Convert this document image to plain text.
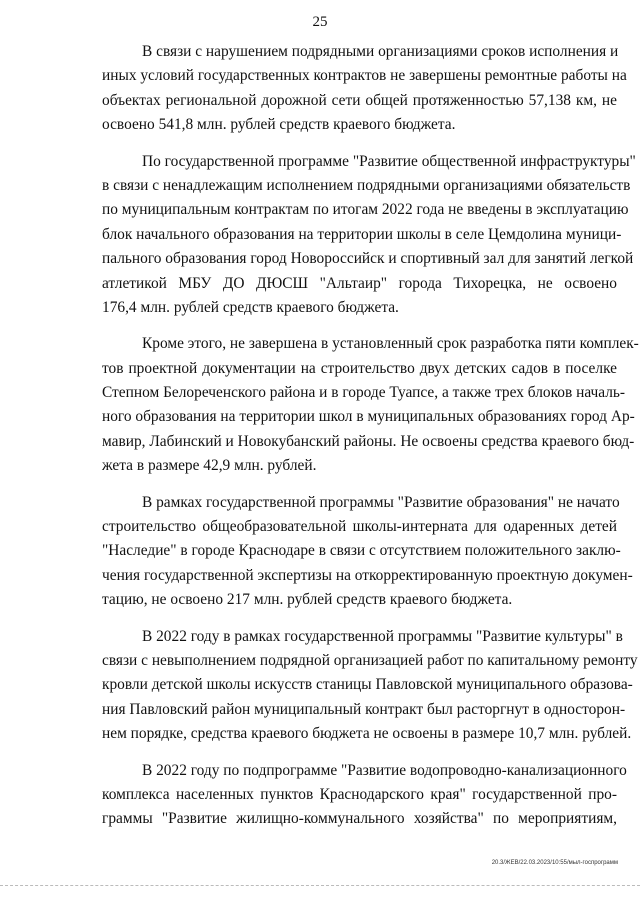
25
В связи с нарушением подрядными организациями сроков исполнения и
иных условий государственных контрактов не завершены ремонтные работы на
объектах региональной дорожной сети общей протяженностью 57,138 км, не
освоено 541,8 млн. рублей средств краевого бюджета.
По государственной программе "Развитие общественной инфраструктуры"
в связи с ненадлежащим исполнением подрядными организациями обязательств
по муниципальным контрактам по итогам 2022 года не введены в эксплуатацию
блок начального образования на территории школы в селе Цемдолина муници-
пального образования город Новороссийск и спортивный зал для занятий легкой
атлетикой МБУ ДО ДЮСШ "Альтаир" города Тихорецка, не освоено
176,4 млн. рублей средств краевого бюджета.
Кроме этого, не завершена в установленный срок разработка пяти комплек-
тов проектной документации на строительство двух детских садов в поселке
Степном Белореченского района и в городе Туапсе, а также трех блоков началь-
ного образования на территории школ в муниципальных образованиях город Ар-
мавир, Лабинский и Новокубанский районы. Не освоены средства краевого бюд-
жета в размере 42,9 млн. рублей.
В рамках государственной программы "Развитие образования" не начато
строительство общеобразовательной школы-интерната для одаренных детей
"Наследие" в городе Краснодаре в связи с отсутствием положительного заклю-
чения государственной экспертизы на откорректированную проектную докумен-
тацию, не освоено 217 млн. рублей средств краевого бюджета.
В 2022 году в рамках государственной программы "Развитие культуры" в
связи с невыполнением подрядной организацией работ по капитальному ремонту
кровли детской школы искусств станицы Павловской муниципального образова-
ния Павловский район муниципальный контракт был расторгнут в односторон-
нем порядке, средства краевого бюджета не освоены в размере 10,7 млн. рублей.
В 2022 году по подпрограмме "Развитие водопроводно-канализационного
комплекса населенных пунктов Краснодарского края" государственной про-
граммы "Развитие жилищно-коммунального хозяйства" по мероприятиям,
20.3/ЖЕВ/22.03.2023/10:55/мыл-госпрограмм
